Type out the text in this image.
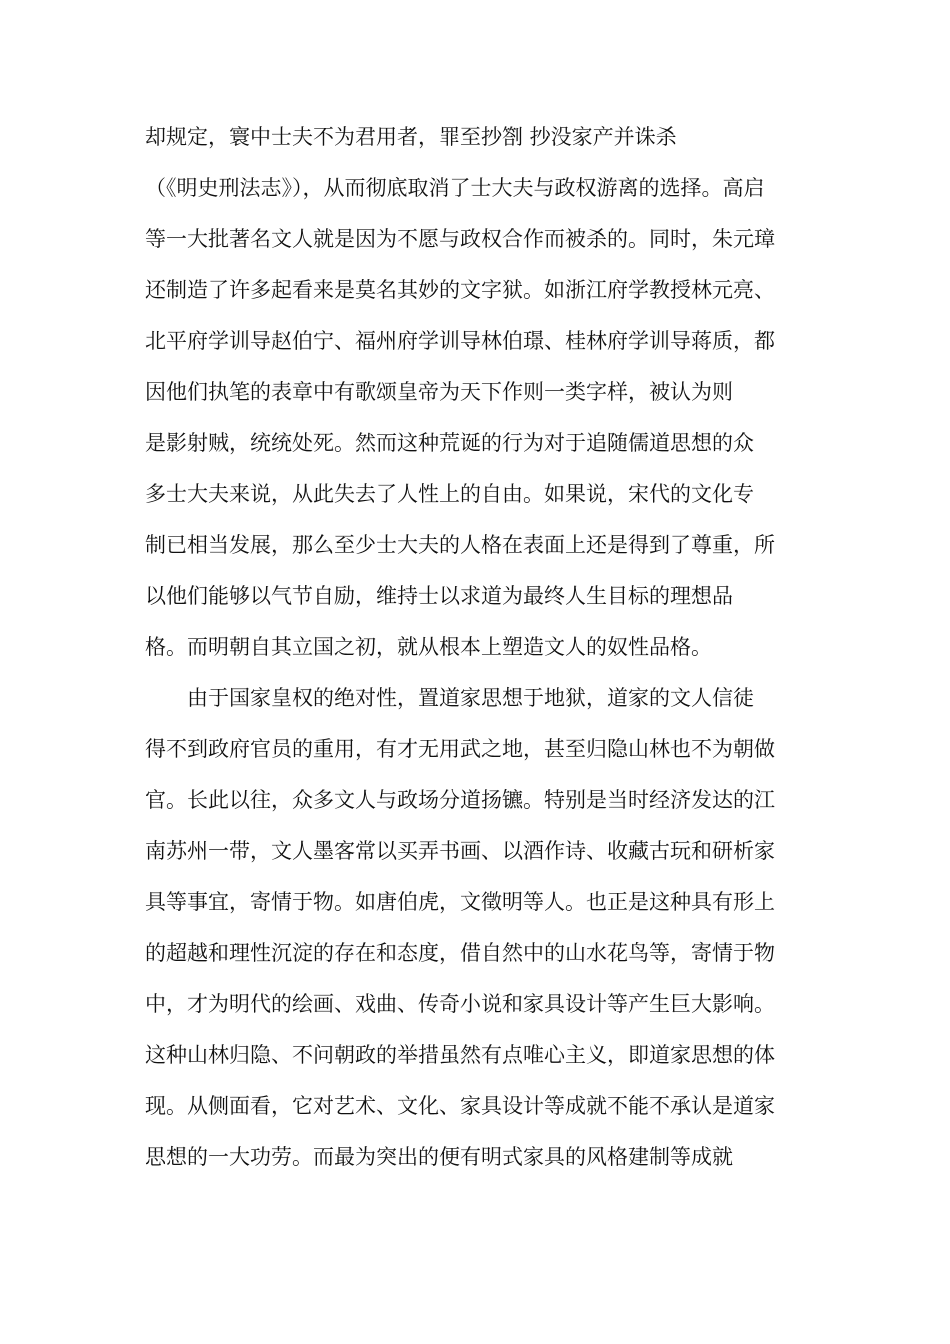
却规定，寰中士夫不为君用者，罪至抄劄 抄没家产并诛杀
（《明史刑法志》），从而彻底取消了士大夫与政权游离的选择。高启
等一大批著名文人就是因为不愿与政权合作而被杀的。同时，朱元璋
还制造了许多起看来是莫名其妙的文字狱。如浙江府学教授林元亮、
北平府学训导赵伯宁、福州府学训导林伯璟、桂林府学训导蒋质，都
因他们执笔的表章中有歌颂皇帝为天下作则一类字样，被认为则
是影射贼，统统处死。然而这种荒诞的行为对于追随儒道思想的众
多士大夫来说，从此失去了人性上的自由。如果说，宋代的文化专
制已相当发展，那么至少士大夫的人格在表面上还是得到了尊重，所
以他们能够以气节自励，维持士以求道为最终人生目标的理想品
格。而明朝自其立国之初，就从根本上塑造文人的奴性品格。
由于国家皇权的绝对性，置道家思想于地狱，道家的文人信徒
得不到政府官员的重用，有才无用武之地，甚至归隐山林也不为朝做
官。长此以往，众多文人与政场分道扬镳。特别是当时经济发达的江
南苏州一带，文人墨客常以买弄书画、以酒作诗、收藏古玩和研析家
具等事宜，寄情于物。如唐伯虎，文徵明等人。也正是这种具有形上
的超越和理性沉淀的存在和态度，借自然中的山水花鸟等，寄情于物
中，才为明代的绘画、戏曲、传奇小说和家具设计等产生巨大影响。
这种山林归隐、不问朝政的举措虽然有点唯心主义，即道家思想的体
现。从侧面看，它对艺术、文化、家具设计等成就不能不承认是道家
思想的一大功劳。而最为突出的便有明式家具的风格建制等成就
